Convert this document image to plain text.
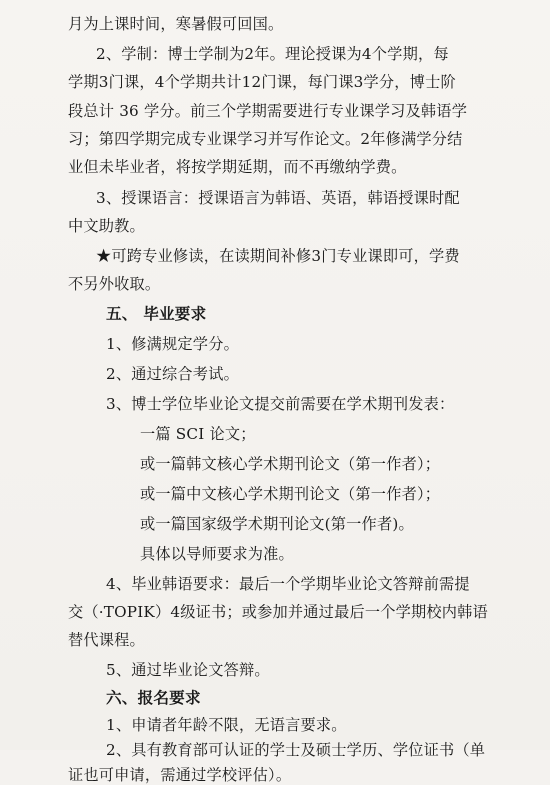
月为上课时间，寒暑假可回国。
2、学制：博士学制为2年。理论授课为4个学期，每
学期3门课，4个学期共计12门课，每门课3学分，博士阶
段总计 36 学分。前三个学期需要进行专业课学习及韩语学
习；第四学期完成专业课学习并写作论文。2年修满学分结
业但未毕业者，将按学期延期，而不再缴纳学费。
3、授课语言：授课语言为韩语、英语，韩语授课时配
中文助教。
★可跨专业修读，在读期间补修3门专业课即可，学费
不另外收取。
五、 毕业要求
1、修满规定学分。
2、通过综合考试。
3、博士学位毕业论文提交前需要在学术期刊发表：
一篇 SCI 论文；
或一篇韩文核心学术期刊论文（第一作者）；
或一篇中文核心学术期刊论文（第一作者）；
或一篇国家级学术期刊论文(第一作者)。
具体以导师要求为准。
4、毕业韩语要求：最后一个学期毕业论文答辩前需提
交（·TOPIK）4级证书；或参加并通过最后一个学期校内韩语
替代课程。
5、通过毕业论文答辩。
六、报名要求
1、申请者年龄不限，无语言要求。
2、具有教育部可认证的学士及硕士学历、学位证书（单
证也可申请，需通过学校评估）。
